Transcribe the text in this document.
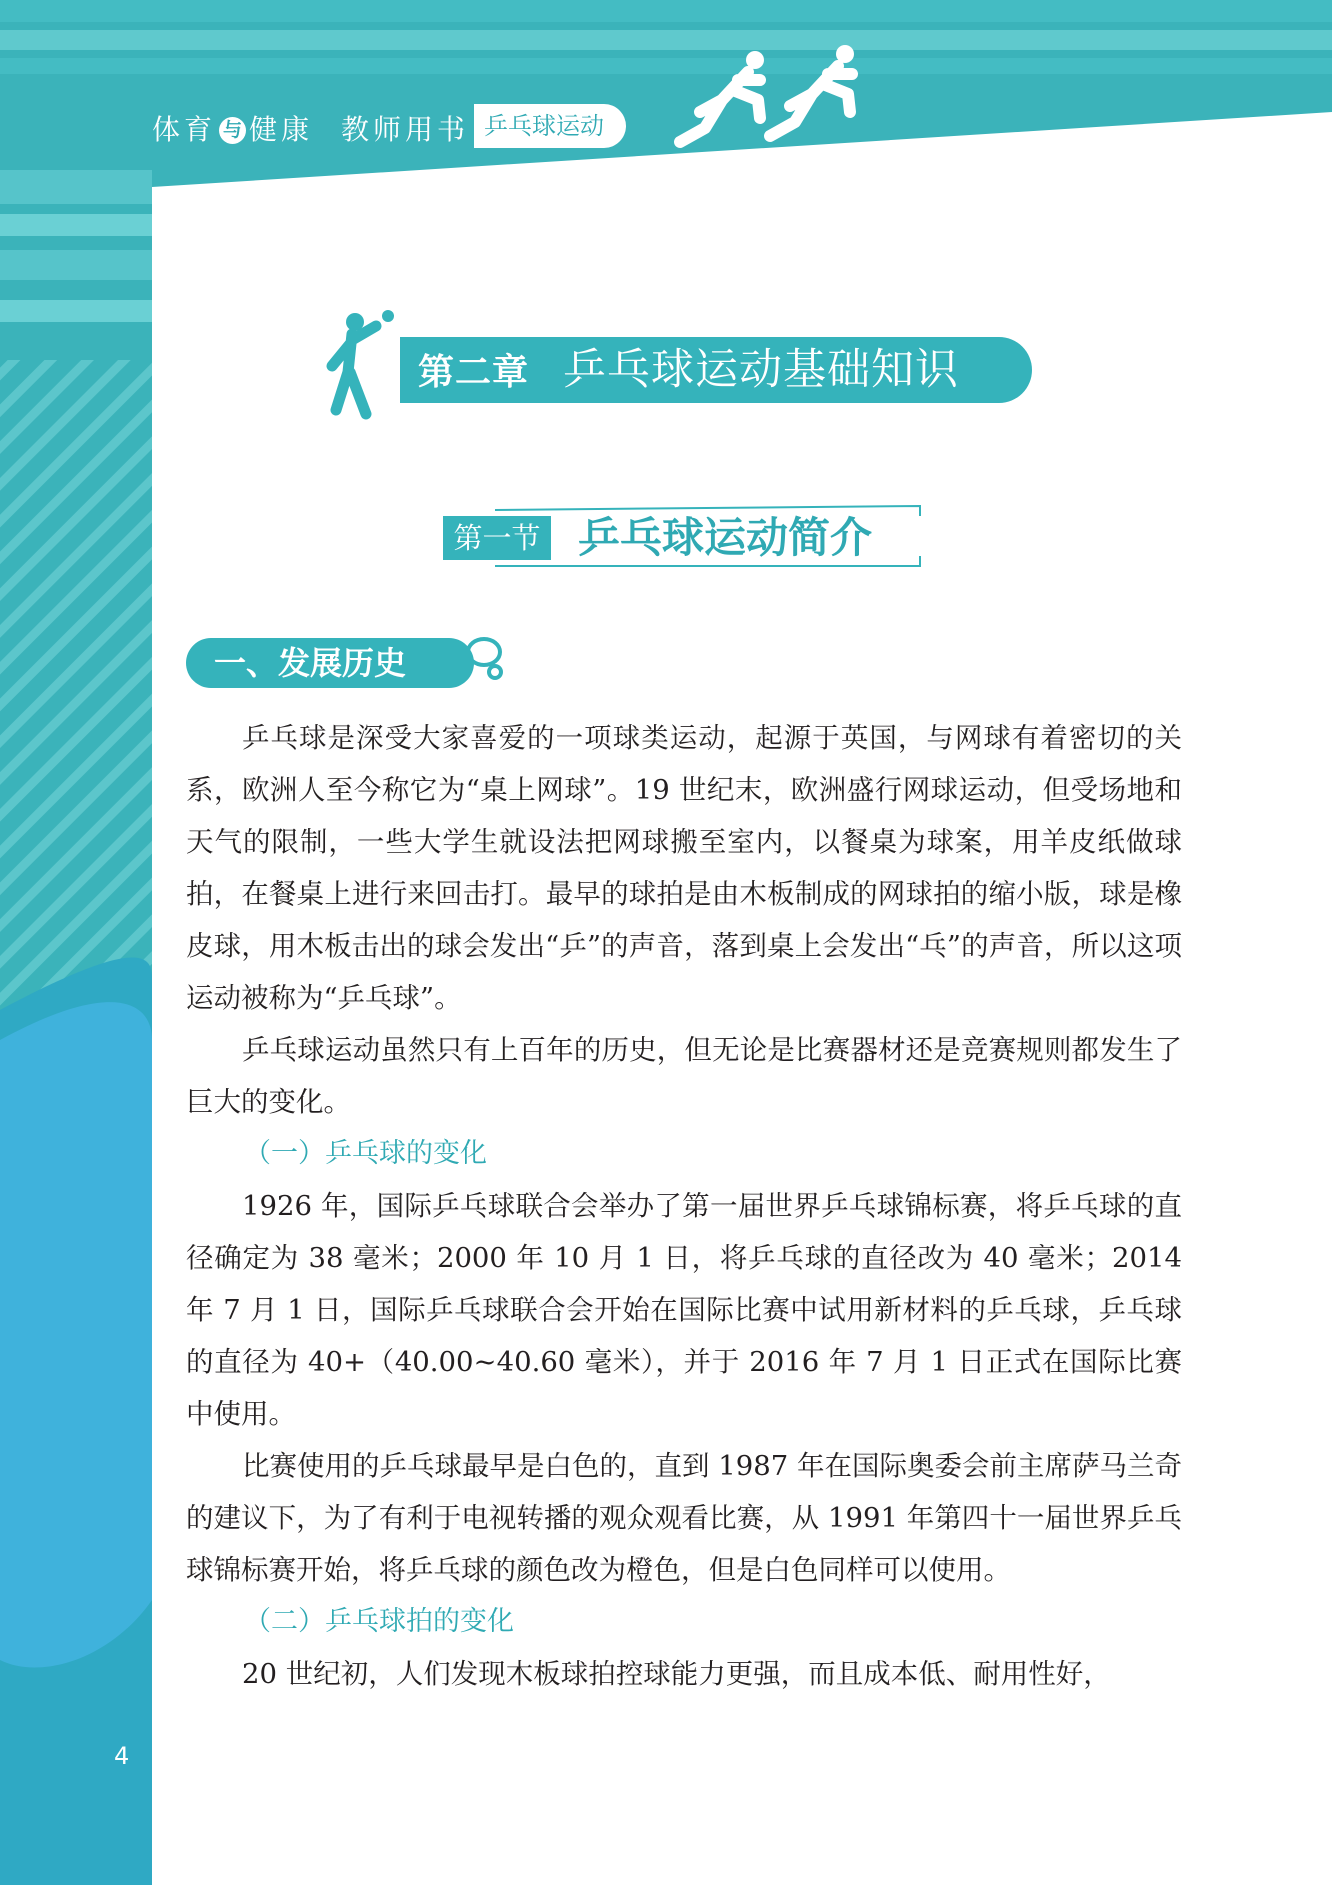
体育 与 健康 教师用书 乒乓球运动
第二章 乒乓球运动基础知识
第一节 乒乓球运动简介
一、发展历史

乒乓球是深受大家喜爱的一项球类运动，起源于英国，与网球有着密切的关系，欧洲人至今称它为“桌上网球”。19 世纪末，欧洲盛行网球运动，但受场地和天气的限制，一些大学生就设法把网球搬至室内，以餐桌为球案，用羊皮纸做球拍，在餐桌上进行来回击打。最早的球拍是由木板制成的网球拍的缩小版，球是橡皮球，用木板击出的球会发出“乒”的声音，落到桌上会发出“乓”的声音，所以这项运动被称为“乒乓球”。

乒乓球运动虽然只有上百年的历史，但无论是比赛器材还是竞赛规则都发生了巨大的变化。

（一）乒乓球的变化

1926 年，国际乒乓球联合会举办了第一届世界乒乓球锦标赛，将乒乓球的直径确定为 38 毫米；2000 年 10 月 1 日，将乒乓球的直径改为 40 毫米；2014 年 7 月 1 日，国际乒乓球联合会开始在国际比赛中试用新材料的乒乓球，乒乓球的直径为 40+（40.00~40.60 毫米），并于 2016 年 7 月 1 日正式在国际比赛中使用。

比赛使用的乒乓球最早是白色的，直到 1987 年在国际奥委会前主席萨马兰奇的建议下，为了有利于电视转播的观众观看比赛，从 1991 年第四十一届世界乒乓球锦标赛开始，将乒乓球的颜色改为橙色，但是白色同样可以使用。

（二）乒乓球拍的变化

20 世纪初，人们发现木板球拍控球能力更强，而且成本低、耐用性好，

4
